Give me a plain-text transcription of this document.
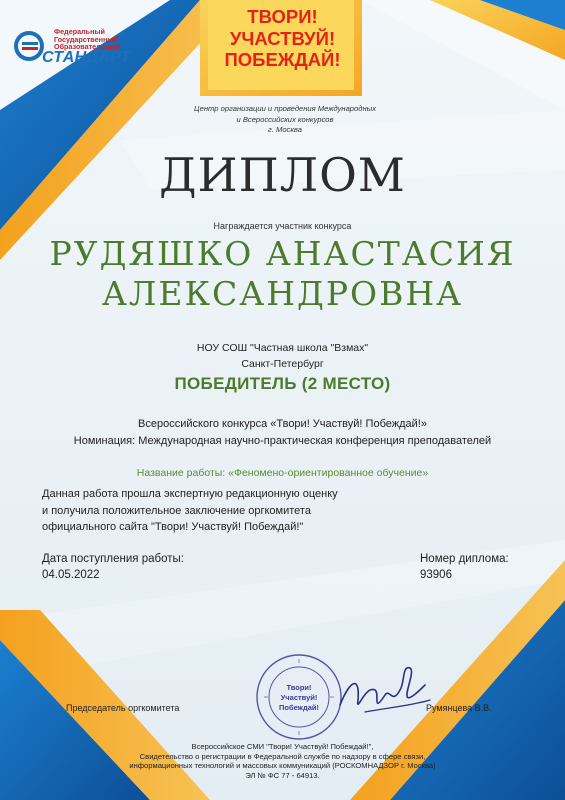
Федеральный
Государственный
Образовательный
СТАНДАРТ
ТВОРИ!
УЧАСТВУЙ!
ПОБЕЖДАЙ!
Центр организации и проведения Международных
и Всероссийских конкурсов
г. Москва
ДИПЛОМ
Награждается участник конкурса
РУДЯШКО АНАСТАСИЯ
АЛЕКСАНДРОВНА
НОУ СОШ "Частная школа "Взмах"
Санкт-Петербург
ПОБЕДИТЕЛЬ (2 МЕСТО)
Всероссийского конкурса «Твори! Участвуй! Побеждай!»
Номинация: Международная научно-практическая конференция преподавателей
Название работы: «Феномено-ориентированное обучение»
Данная работа прошла экспертную редакционную оценку
и получила положительное заключение оргкомитета
официального сайта "Твори! Участвуй! Побеждай!"
Дата поступления работы:
04.05.2022
Номер диплома:
93906
Твори!
Участвуй!
Побеждай!
Председатель оргкомитета	Румянцева В.В.
Всероссийское СМИ "Твори! Участвуй! Побеждай!",
Свидетельство о регистрации в Федеральной службе по надзору в сфере связи,
информационных технологий и массовых коммуникаций (РОСКОМНАДЗОР г. Москва)
ЭЛ № ФС 77 - 64913.
